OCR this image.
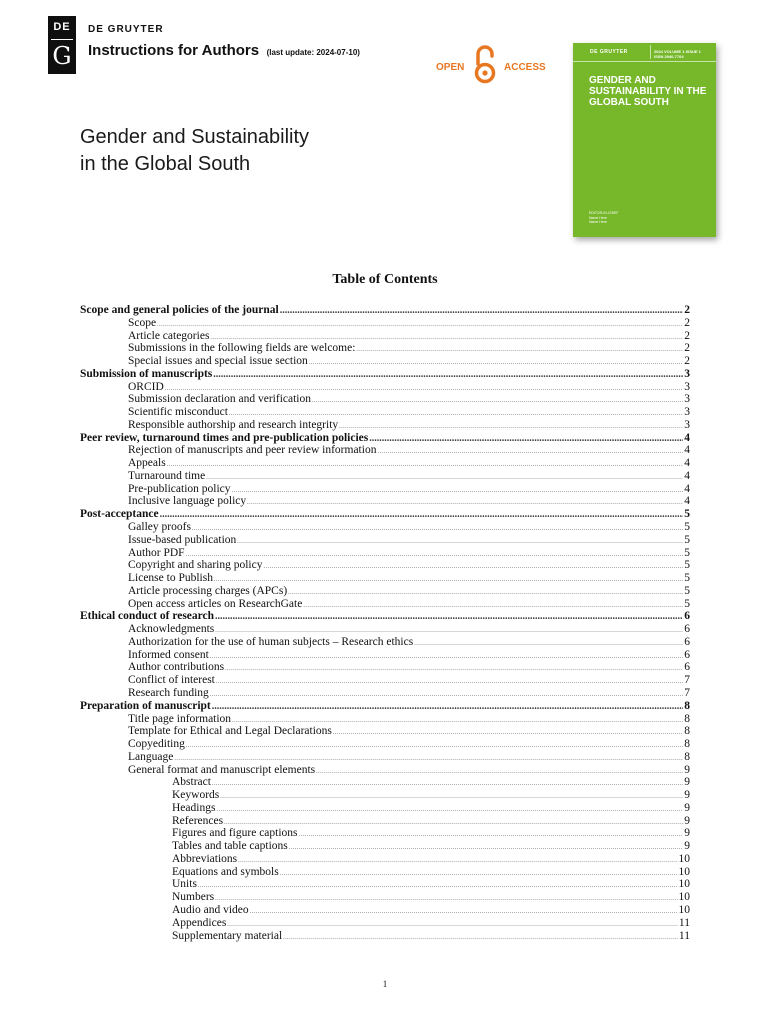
DE
G
DE GRUYTER
Instructions for Authors (last update: 2024-07-10)
OPEN	ACCESS
DE GRUYTER	2024 VOLUME 1 ISSUE 1
ISSN 2940-7704
GENDER AND SUSTAINABILITY IN THE GLOBAL SOUTH
EDITOR-IN-CHIEF
Name Here
Name Here
Gender and Sustainability
in the Global South
Table of Contents
Scope and general policies of the journal .....	2
Scope .....	2
Article categories .....	2
Submissions in the following fields are welcome: .....	2
Special issues and special issue section .....	2
Submission of manuscripts .....	3
ORCID .....	3
Submission declaration and verification .....	3
Scientific misconduct .....	3
Responsible authorship and research integrity .....	3
Peer review, turnaround times and pre-publication policies .....	4
Rejection of manuscripts and peer review information .....	4
Appeals .....	4
Turnaround time .....	4
Pre-publication policy .....	4
Inclusive language policy .....	4
Post-acceptance .....	5
Galley proofs .....	5
Issue-based publication .....	5
Author PDF .....	5
Copyright and sharing policy .....	5
License to Publish .....	5
Article processing charges (APCs) .....	5
Open access articles on ResearchGate .....	5
Ethical conduct of research .....	6
Acknowledgments .....	6
Authorization for the use of human subjects – Research ethics .....	6
Informed consent .....	6
Author contributions .....	6
Conflict of interest .....	7
Research funding .....	7
Preparation of manuscript .....	8
Title page information .....	8
Template for Ethical and Legal Declarations .....	8
Copyediting .....	8
Language .....	8
General format and manuscript elements .....	9
Abstract .....	9
Keywords .....	9
Headings .....	9
References .....	9
Figures and figure captions .....	9
Tables and table captions .....	9
Abbreviations .....	10
Equations and symbols .....	10
Units .....	10
Numbers .....	10
Audio and video .....	10
Appendices .....	11
Supplementary material .....	11
1
